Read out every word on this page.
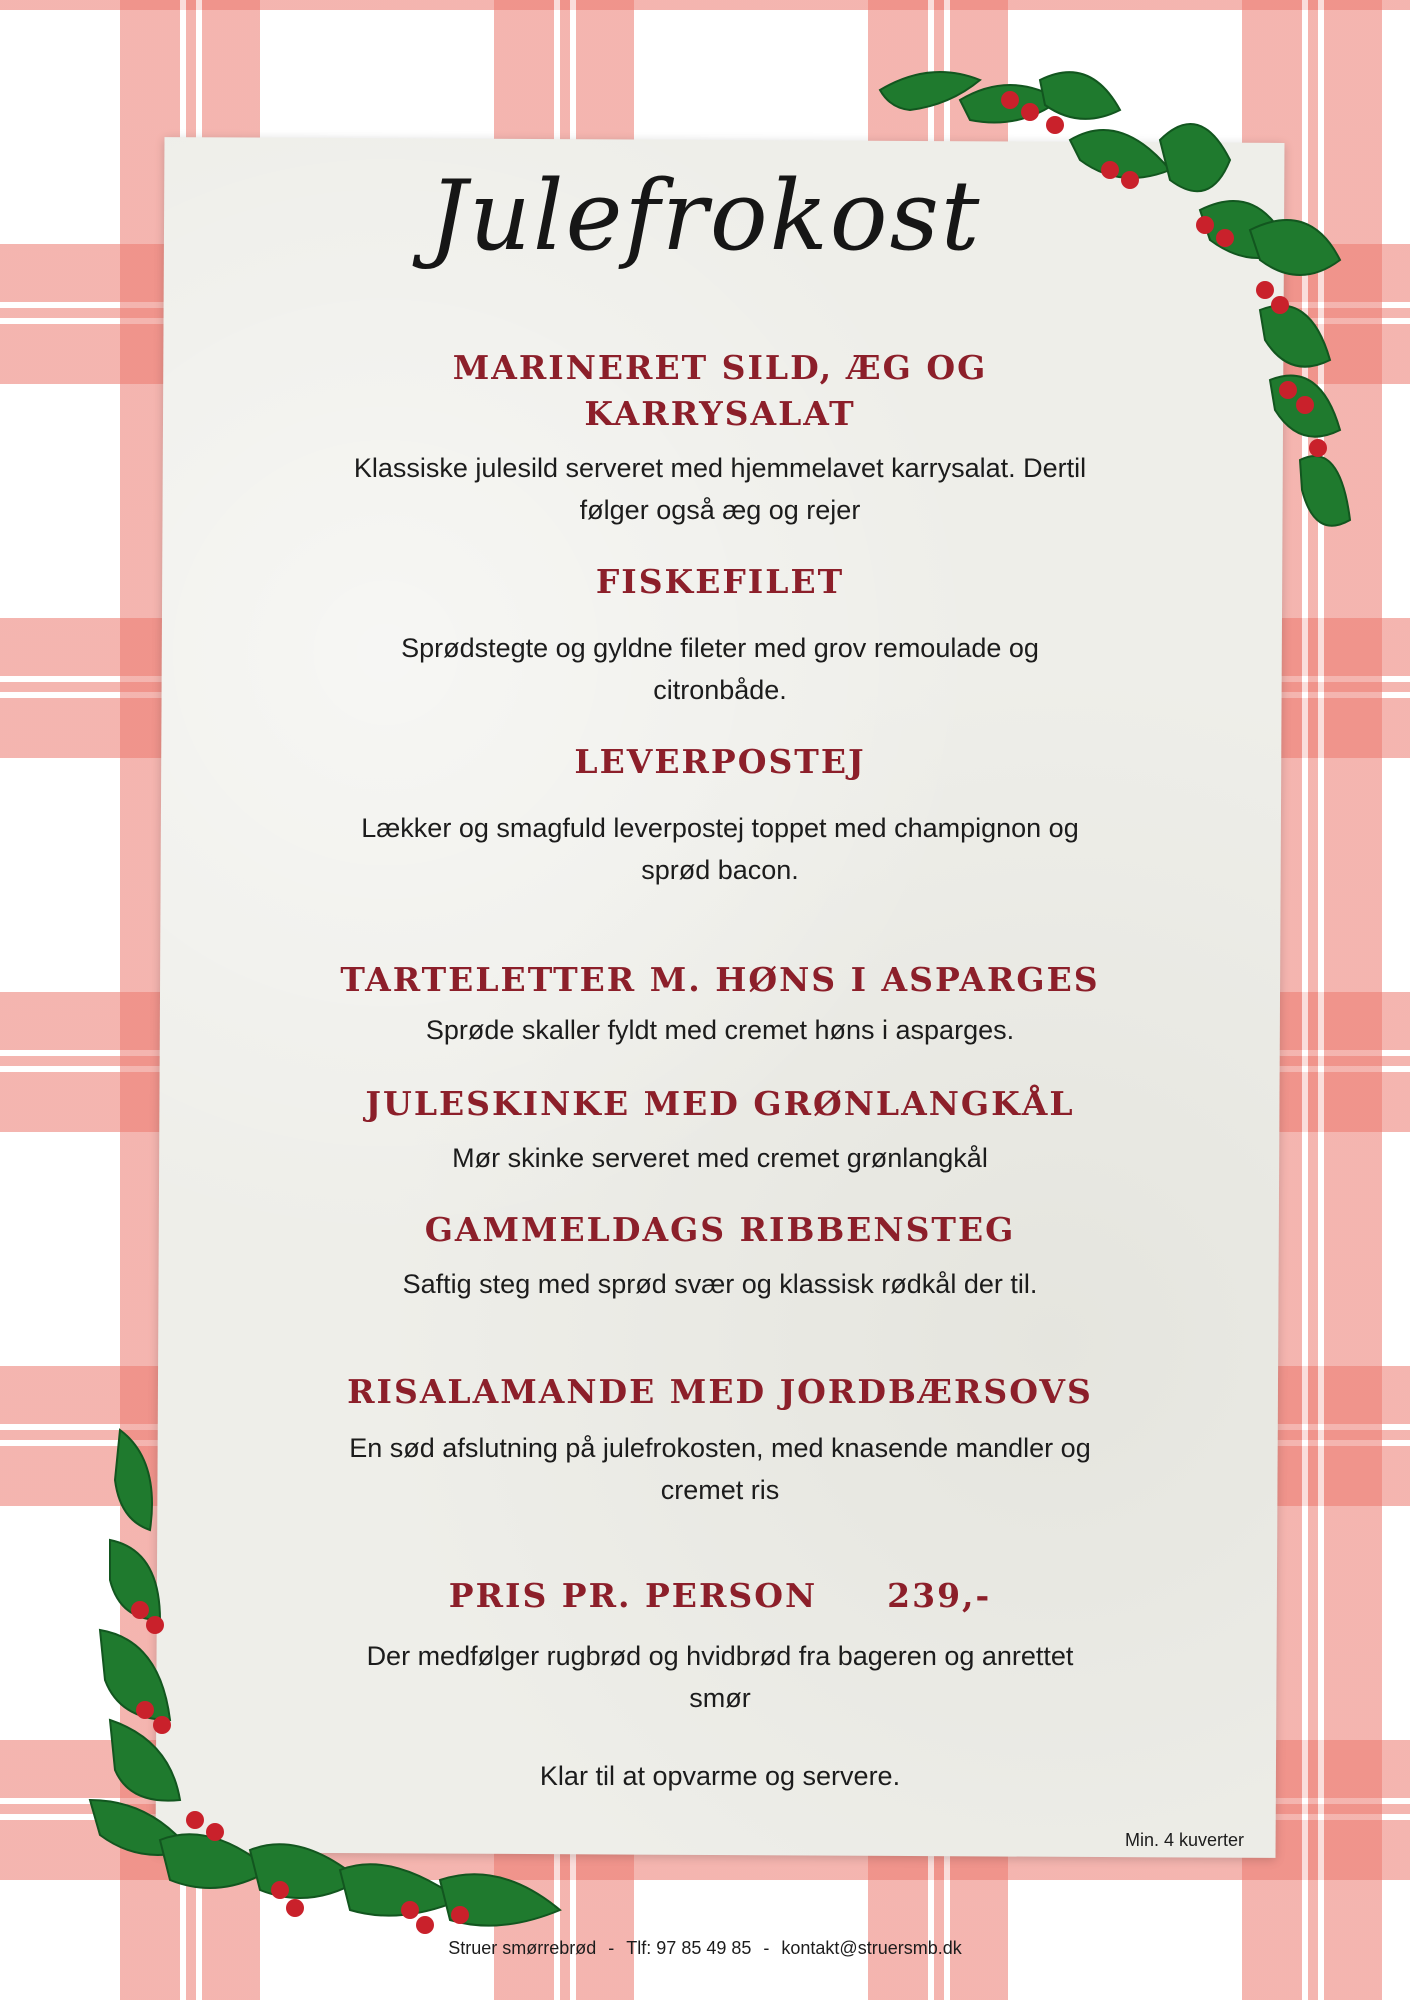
Julefrokost

MARINERET SILD, ÆG OG
KARRYSALAT

Klassiske julesild serveret med hjemmelavet karrysalat. Dertil
følger også æg og rejer

FISKEFILET

Sprødstegte og gyldne fileter med grov remoulade og
citronbåde.

LEVERPOSTEJ

Lækker og smagfuld leverpostej toppet med champignon og
sprød bacon.

TARTELETTER M. HØNS I ASPARGES

Sprøde skaller fyldt med cremet høns i asparges.

JULESKINKE MED GRØNLANGKÅL

Mør skinke serveret med cremet grønlangkål

GAMMELDAGS RIBBENSTEG

Saftig steg med sprød svær og klassisk rødkål der til.

RISALAMANDE MED JORDBÆRSOVS

En sød afslutning på julefrokosten, med knasende mandler og
cremet ris

PRIS PR. PERSON 239,-

Der medfølger rugbrød og hvidbrød fra bageren og anrettet
smør

Klar til at opvarme og servere.

Min. 4 kuverter
Struer smørrebrød - Tlf: 97 85 49 85 - kontakt@struersmb.dk
